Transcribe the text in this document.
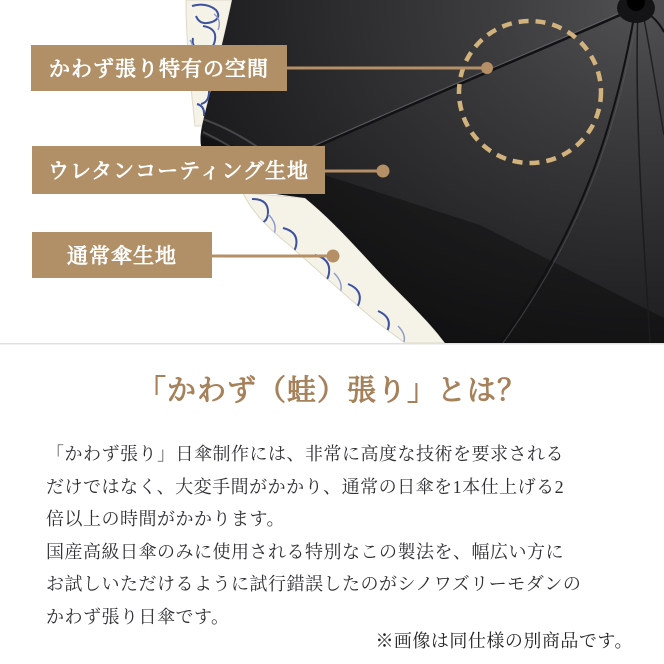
かわず張り特有の空間
ウレタンコーティング生地
通常傘生地
「かわず（蛙）張り」とは？
「かわず張り」日傘制作には、非常に高度な技術を要求される
だけではなく、大変手間がかかり、通常の日傘を1本仕上げる2
倍以上の時間がかかります。
国産高級日傘のみに使用される特別なこの製法を、幅広い方に
お試しいただけるように試行錯誤したのがシノワズリーモダンの
かわず張り日傘です。
※画像は同仕様の別商品です。
